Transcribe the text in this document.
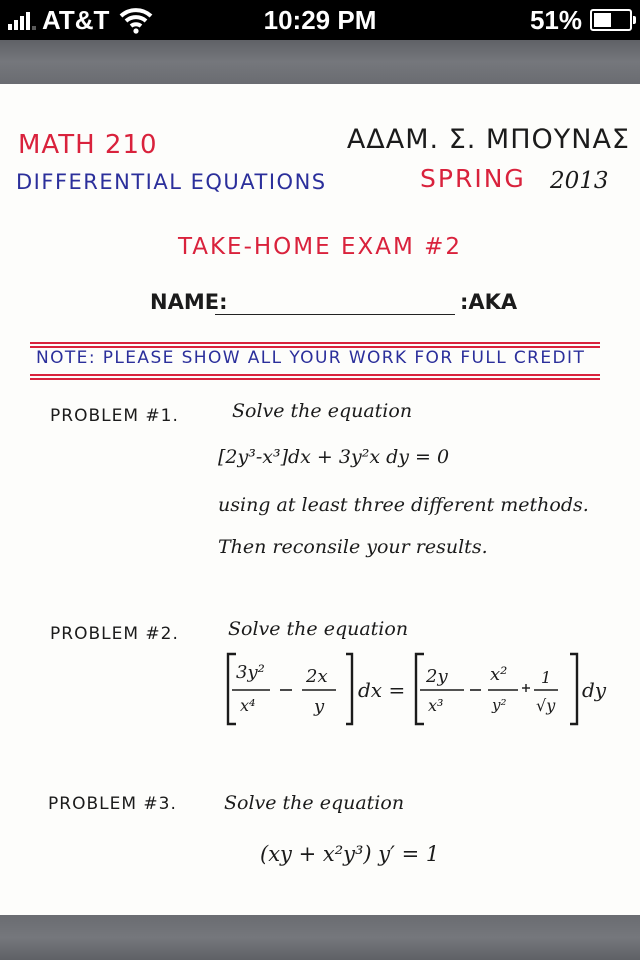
AT&T	10:29 PM	51%
MATH 210
DIFFERENTIAL EQUATIONS
ΑΔΑΜ. Σ. ΜΠΟΥΝΑΣ
SPRING 2013
TAKE-HOME EXAM #2
NAME:	:AKA
NOTE: PLEASE SHOW ALL YOUR WORK FOR FULL CREDIT
PROBLEM #1.	Solve the equation
[2y³-x³]dx + 3y²x dy = 0
using at least three different methods.
Then reconsile your results.
PROBLEM #2.	Solve the equation
3y²
x⁴
2x
y
dx =
2y
x³
x²
y²
1
√y
dy
PROBLEM #3. Solve the equation
(xy + x²y³) y′ = 1
